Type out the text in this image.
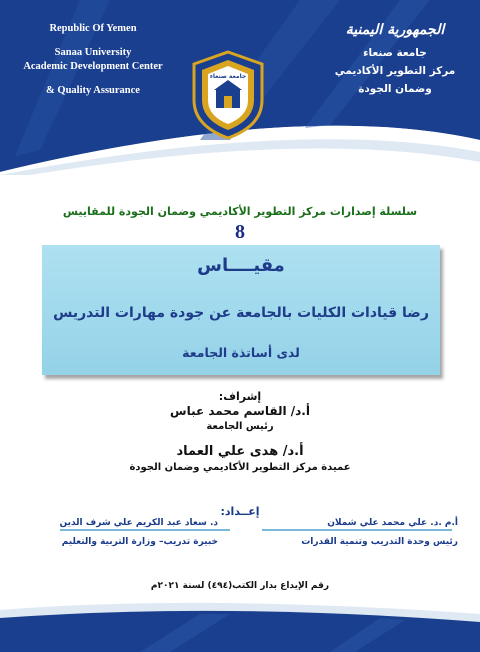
Republic Of Yemen
Sanaa University
Academic Development Center
& Quality Assurance
الجمهورية اليمنية
جامعة صنعاء
مركز التطوير الأكاديمي
وضمان الجودة
جامعة صنعاء
سلسلة إصدارات مركز التطوير الأكاديمي وضمان الجودة للمقاييس
8
مقيــــاس
رضا قيادات الكليات بالجامعة عن جودة مهارات التدريس
لدى أساتذة الجامعة
إشراف:
أ.د/ القاسم محمد عباس
رئيس الجامعة
أ.د/ هدى علي العماد
عميدة مركز التطوير الأكاديمي وضمان الجودة
إعــداد:
أ.م .د. علي محمد علي شملان
د. سعاد عبد الكريم علي شرف الدين
رئيس وحدة التدريب وتنمية القدرات
خبيرة تدريب– وزارة التربية والتعليم
رقم الإيداع بدار الكتب(٤٩٤) لسنة ٢٠٢١م
